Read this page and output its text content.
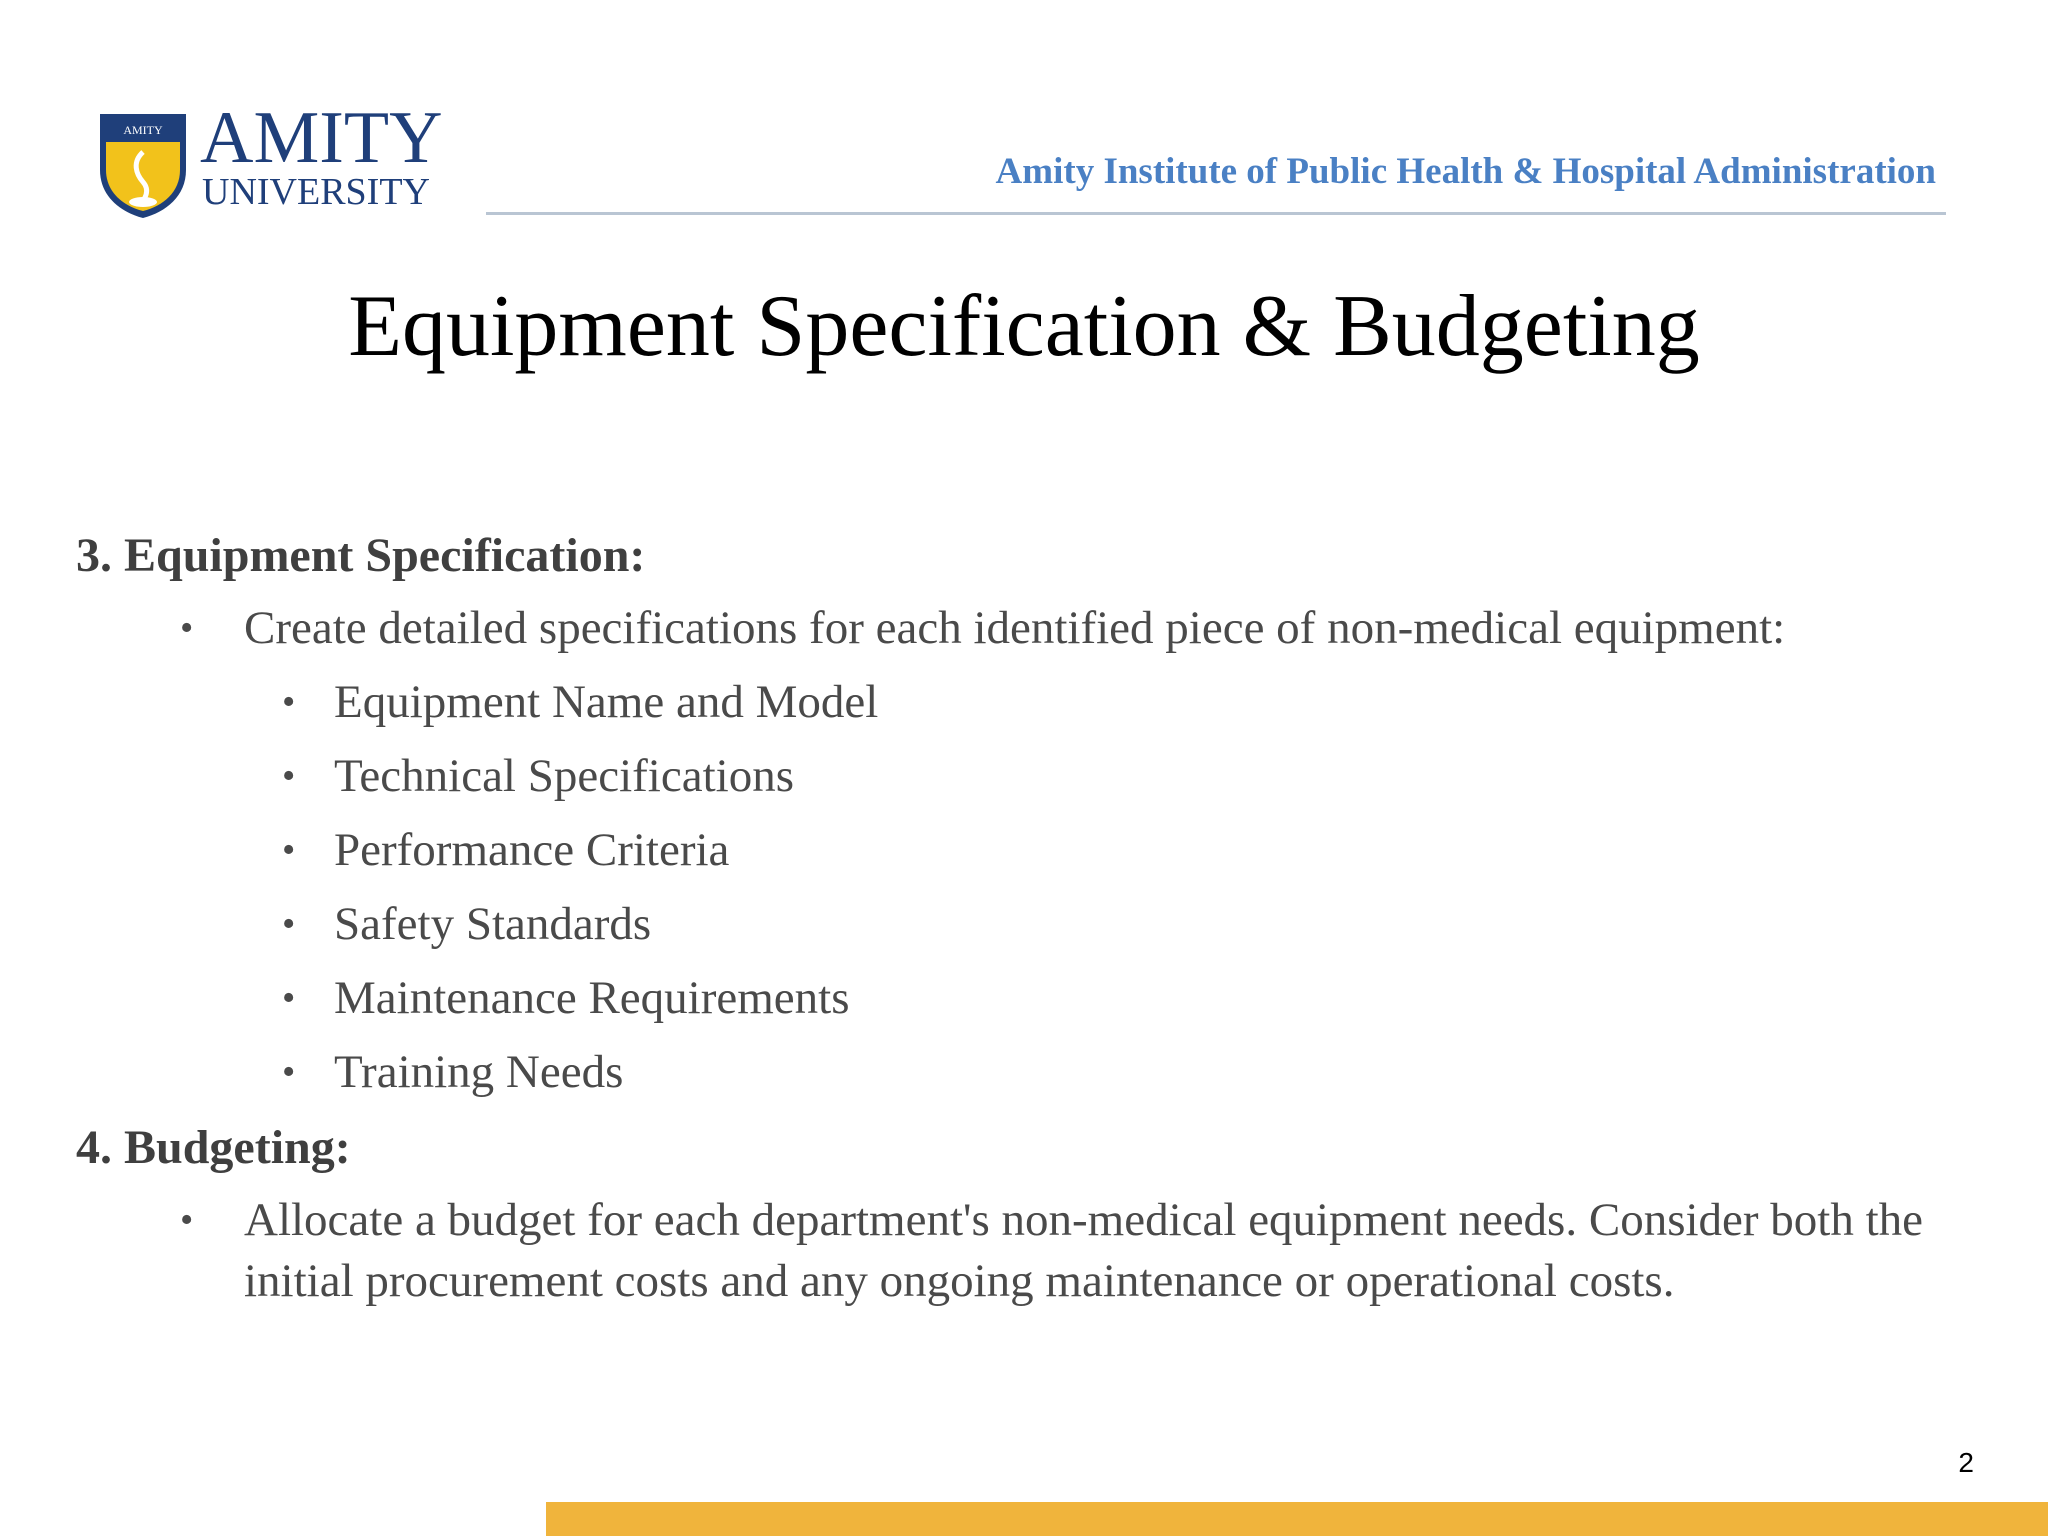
AMITY AMITY
UNIVERSITY	Amity Institute of Public Health & Hospital Administration
Equipment Specification & Budgeting
3. Equipment Specification:
• Create detailed specifications for each identified piece of non-medical equipment:
• Equipment Name and Model
• Technical Specifications
• Performance Criteria
• Safety Standards
• Maintenance Requirements
• Training Needs
4. Budgeting:
• Allocate a budget for each department's non-medical equipment needs. Consider both the initial procurement costs and any ongoing maintenance or operational costs.
2
